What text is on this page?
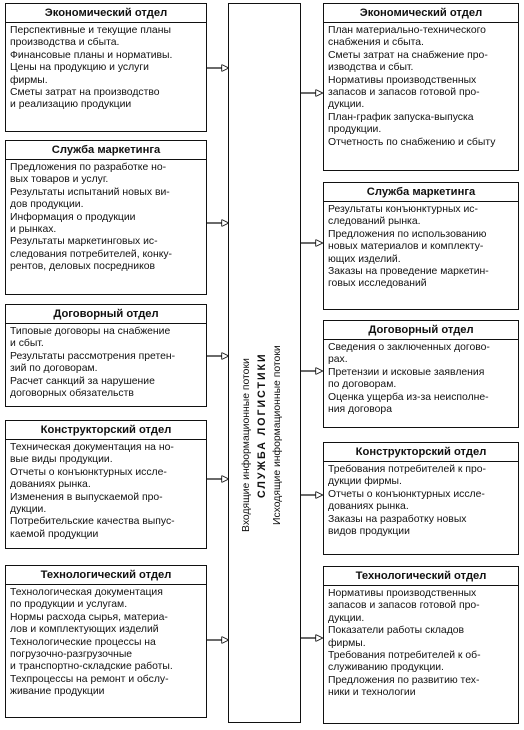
Входящие информационные потоки СЛУЖБА ЛОГИСТИКИ Исходящие информационные потоки
Экономический отдел
Перспективные и текущие планы
производства и сбыта.
Финансовые планы и нормативы.
Цены на продукцию и услуги
фирмы.
Сметы затрат на производство
и реализацию продукции
Служба маркетинга
Предложения по разработке но-
вых товаров и услуг.
Результаты испытаний новых ви-
дов продукции.
Информация о продукции
и рынках.
Результаты маркетинговых ис-
следования потребителей, конку-
рентов, деловых посредников
Договорный отдел
Типовые договоры на снабжение
и сбыт.
Результаты рассмотрения претен-
зий по договорам.
Расчет санкций за нарушение
договорных обязательств
Конструкторский отдел
Техническая документация на но-
вые виды продукции.
Отчеты о конъюнктурных иссле-
дованиях рынка.
Изменения в выпускаемой про-
дукции.
Потребительские качества выпус-
каемой продукции
Технологический отдел
Технологическая документация
по продукции и услугам.
Нормы расхода сырья, материа-
лов и комплектующих изделий
Технологические процессы на
погрузочно-разгрузочные
и транспортно-складские работы.
Техпроцессы на ремонт и обслу-
живание продукции
Экономический отдел
План материально-технического
снабжения и сбыта.
Сметы затрат на снабжение про-
изводства и сбыт.
Нормативы производственных
запасов и запасов готовой про-
дукции.
План-график запуска-выпуска
продукции.
Отчетность по снабжению и сбыту
Служба маркетинга
Результаты конъюнктурных ис-
следований рынка.
Предложения по использованию
новых материалов и комплекту-
ющих изделий.
Заказы на проведение маркетин-
говых исследований
Договорный отдел
Сведения о заключенных догово-
рах.
Претензии и исковые заявления
по договорам.
Оценка ущерба из-за неисполне-
ния договора
Конструкторский отдел
Требования потребителей к про-
дукции фирмы.
Отчеты о конъюнктурных иссле-
дованиях рынка.
Заказы на разработку новых
видов продукции
Технологический отдел
Нормативы производственных
запасов и запасов готовой про-
дукции.
Показатели работы складов
фирмы.
Требования потребителей к об-
служиванию продукции.
Предложения по развитию тех-
ники и технологии
